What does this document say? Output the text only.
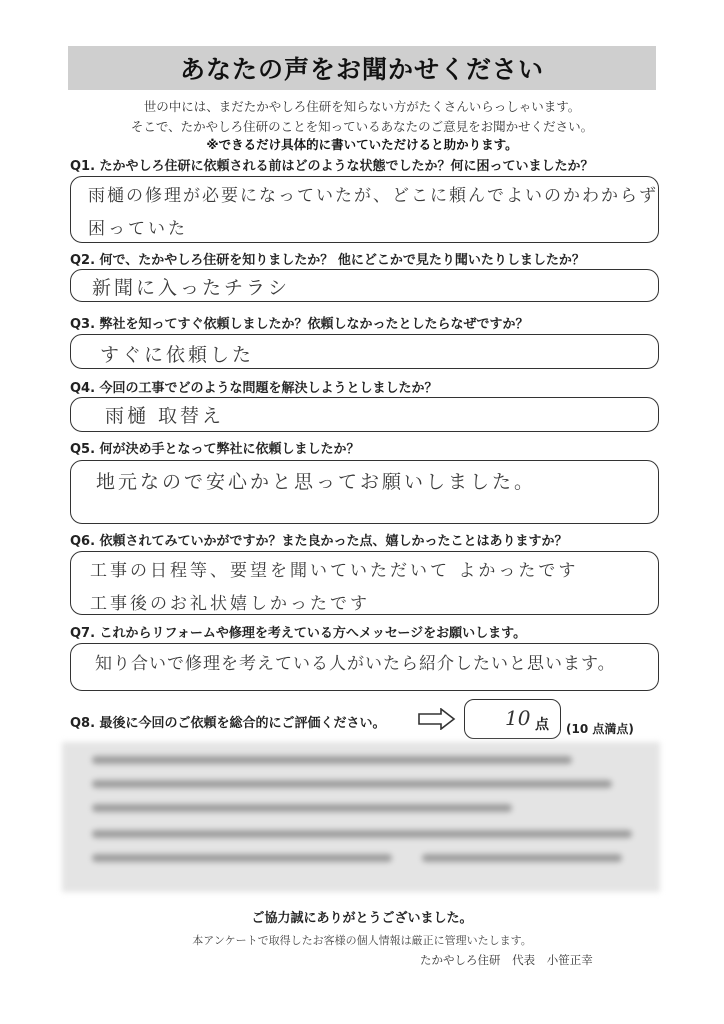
あなたの声をお聞かせください
世の中には、まだたかやしろ住研を知らない方がたくさんいらっしゃいます。
そこで、たかやしろ住研のことを知っているあなたのご意見をお聞かせください。
※できるだけ具体的に書いていただけると助かります。
Q1. たかやしろ住研に依頼される前はどのような状態でしたか？何に困っていましたか？
雨樋の修理が必要になっていたが、どこに頼んでよいのかわからず
困っていた
Q2. 何で、たかやしろ住研を知りましたか？ 他にどこかで見たり聞いたりしましたか？
新聞に入ったチラシ
Q3. 弊社を知ってすぐ依頼しましたか？依頼しなかったとしたらなぜですか？
すぐに依頼した
Q4. 今回の工事でどのような問題を解決しようとしましたか？
雨樋 取替え
Q5. 何が決め手となって弊社に依頼しましたか？
地元なので安心かと思ってお願いしました。
Q6. 依頼されてみていかがですか？また良かった点、嬉しかったことはありますか？
工事の日程等、要望を聞いていただいて よかったです
工事後のお礼状嬉しかったです
Q7. これからリフォームや修理を考えている方へメッセージをお願いします。
知り合いで修理を考えている人がいたら紹介したいと思います。
Q8. 最後に今回のご依頼を総合的にご評価ください。	10 点 (10 点満点)
ご協力誠にありがとうございました。
本アンケートで取得したお客様の個人情報は厳正に管理いたします。
たかやしろ住研 代表 小笹正幸
